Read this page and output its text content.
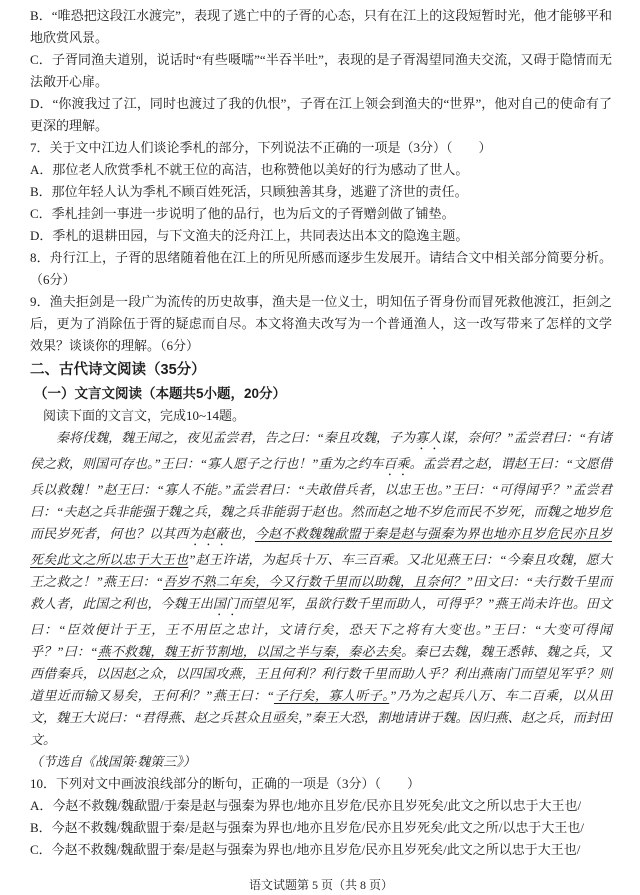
B．“唯恐把这段江水渡完”，表现了逃亡中的子胥的心态，只有在江上的这段短暂时光，他才能够平和地欣赏风景。

C．子胥同渔夫道别，说话时“有些嗫嚅”“半吞半吐”，表现的是子胥渴望同渔夫交流，又碍于隐情而无法敞开心扉。

D．“你渡我过了江，同时也渡过了我的仇恨”，子胥在江上领会到渔夫的“世界”，他对自己的使命有了更深的理解。

7．关于文中江边人们谈论季札的部分，下列说法不正确的一项是（3分）（　　）

A．那位老人欣赏季札不就王位的高洁，也称赞他以美好的行为感动了世人。

B．那位年轻人认为季札不顾百姓死活，只顾独善其身，逃避了济世的责任。

C．季札挂剑一事进一步说明了他的品行，也为后文的子胥赠剑做了铺垫。

D．季札的退耕田园，与下文渔夫的泛舟江上，共同表达出本文的隐逸主题。

8．舟行江上，子胥的思绪随着他在江上的所见所感而逐步生发展开。请结合文中相关部分简要分析。（6分）

9．渔夫拒剑是一段广为流传的历史故事，渔夫是一位义士，明知伍子胥身份而冒死救他渡江，拒剑之后，更为了消除伍于胥的疑虑而自尽。本文将渔夫改写为一个普通渔人，这一改写带来了怎样的文学效果？谈谈你的理解。（6分）

二、古代诗文阅读（35分）

（一）文言文阅读（本题共5小题，20分）

阅读下面的文言文，完成10~14题。

秦将伐魏，魏王闻之，夜见孟尝君，告之曰：“秦且攻魏，子为寡人谋，奈何？”孟尝君曰：“有诸侯之救，则国可存也。”王曰：“寡人愿子之行也！”重为之约车百乘。孟尝君之赵，谓赵王曰：“文愿借兵以救魏！”赵王曰：“寡人不能。”孟尝君曰：“夫敢借兵者，以忠王也。”王曰：“可得闻乎？”孟尝君曰：“夫赵之兵非能强于魏之兵，魏之兵非能弱于赵也。然而赵之地不岁危而民不岁死，而魏之地岁危而民岁死者，何也？以其西为赵蔽也，今赵不救魏魏歃盟于秦是赵与强秦为界也地亦且岁危民亦且岁死矣此文之所以忠于大王也”赵王许诺，为起兵十万、车三百乘。又北见燕王曰：“今秦且攻魏，愿大王之救之！”燕王曰：“吾岁不熟二年矣，今又行数千里而以助魏，且奈何？”田文曰：“夫行数千里而救人者，此国之利也，今魏王出国门而望见军，虽欲行数千里而助人，可得乎？”燕王尚未许也。田文曰：“臣效便计于王，王不用臣之忠计，文请行矣，恐天下之将有大变也。”王曰：“大变可得闻乎？”曰：“燕不救魏，魏王折节割地，以国之半与秦，秦必去矣。秦已去魏，魏王悉韩、魏之兵，又西借秦兵，以因赵之众，以四国攻燕，王且何利？利行数千里而助人乎？利出燕南门而望见军乎？则道里近而输又易矣，王何利？”燕王曰：“子行矣，寡人听子。”乃为之起兵八万、车二百乘，以从田文，魏王大说曰：“君得燕、赵之兵甚众且亟矣，”秦王大恐，割地请讲于魏。因归燕、赵之兵，而封田文。

（节选自《战国策·魏策三》）

10．下列对文中画波浪线部分的断句，正确的一项是（3分）（　　）

A．今赵不救魏/魏歃盟/于秦是赵与强秦为界也/地亦且岁危/民亦且岁死矣/此文之所以忠于大王也/

B．今赵不救魏/魏歃盟于秦/是赵与强秦为界也/地亦且岁危/民亦且岁死矣/此文之所/以忠于大王也/

C．今赵不救魏/魏歃盟于秦/是赵与强秦为界也/地亦且岁危/民亦且岁死矣/此文之所以忠于大王也/

语文试题第 5 页（共 8 页）
